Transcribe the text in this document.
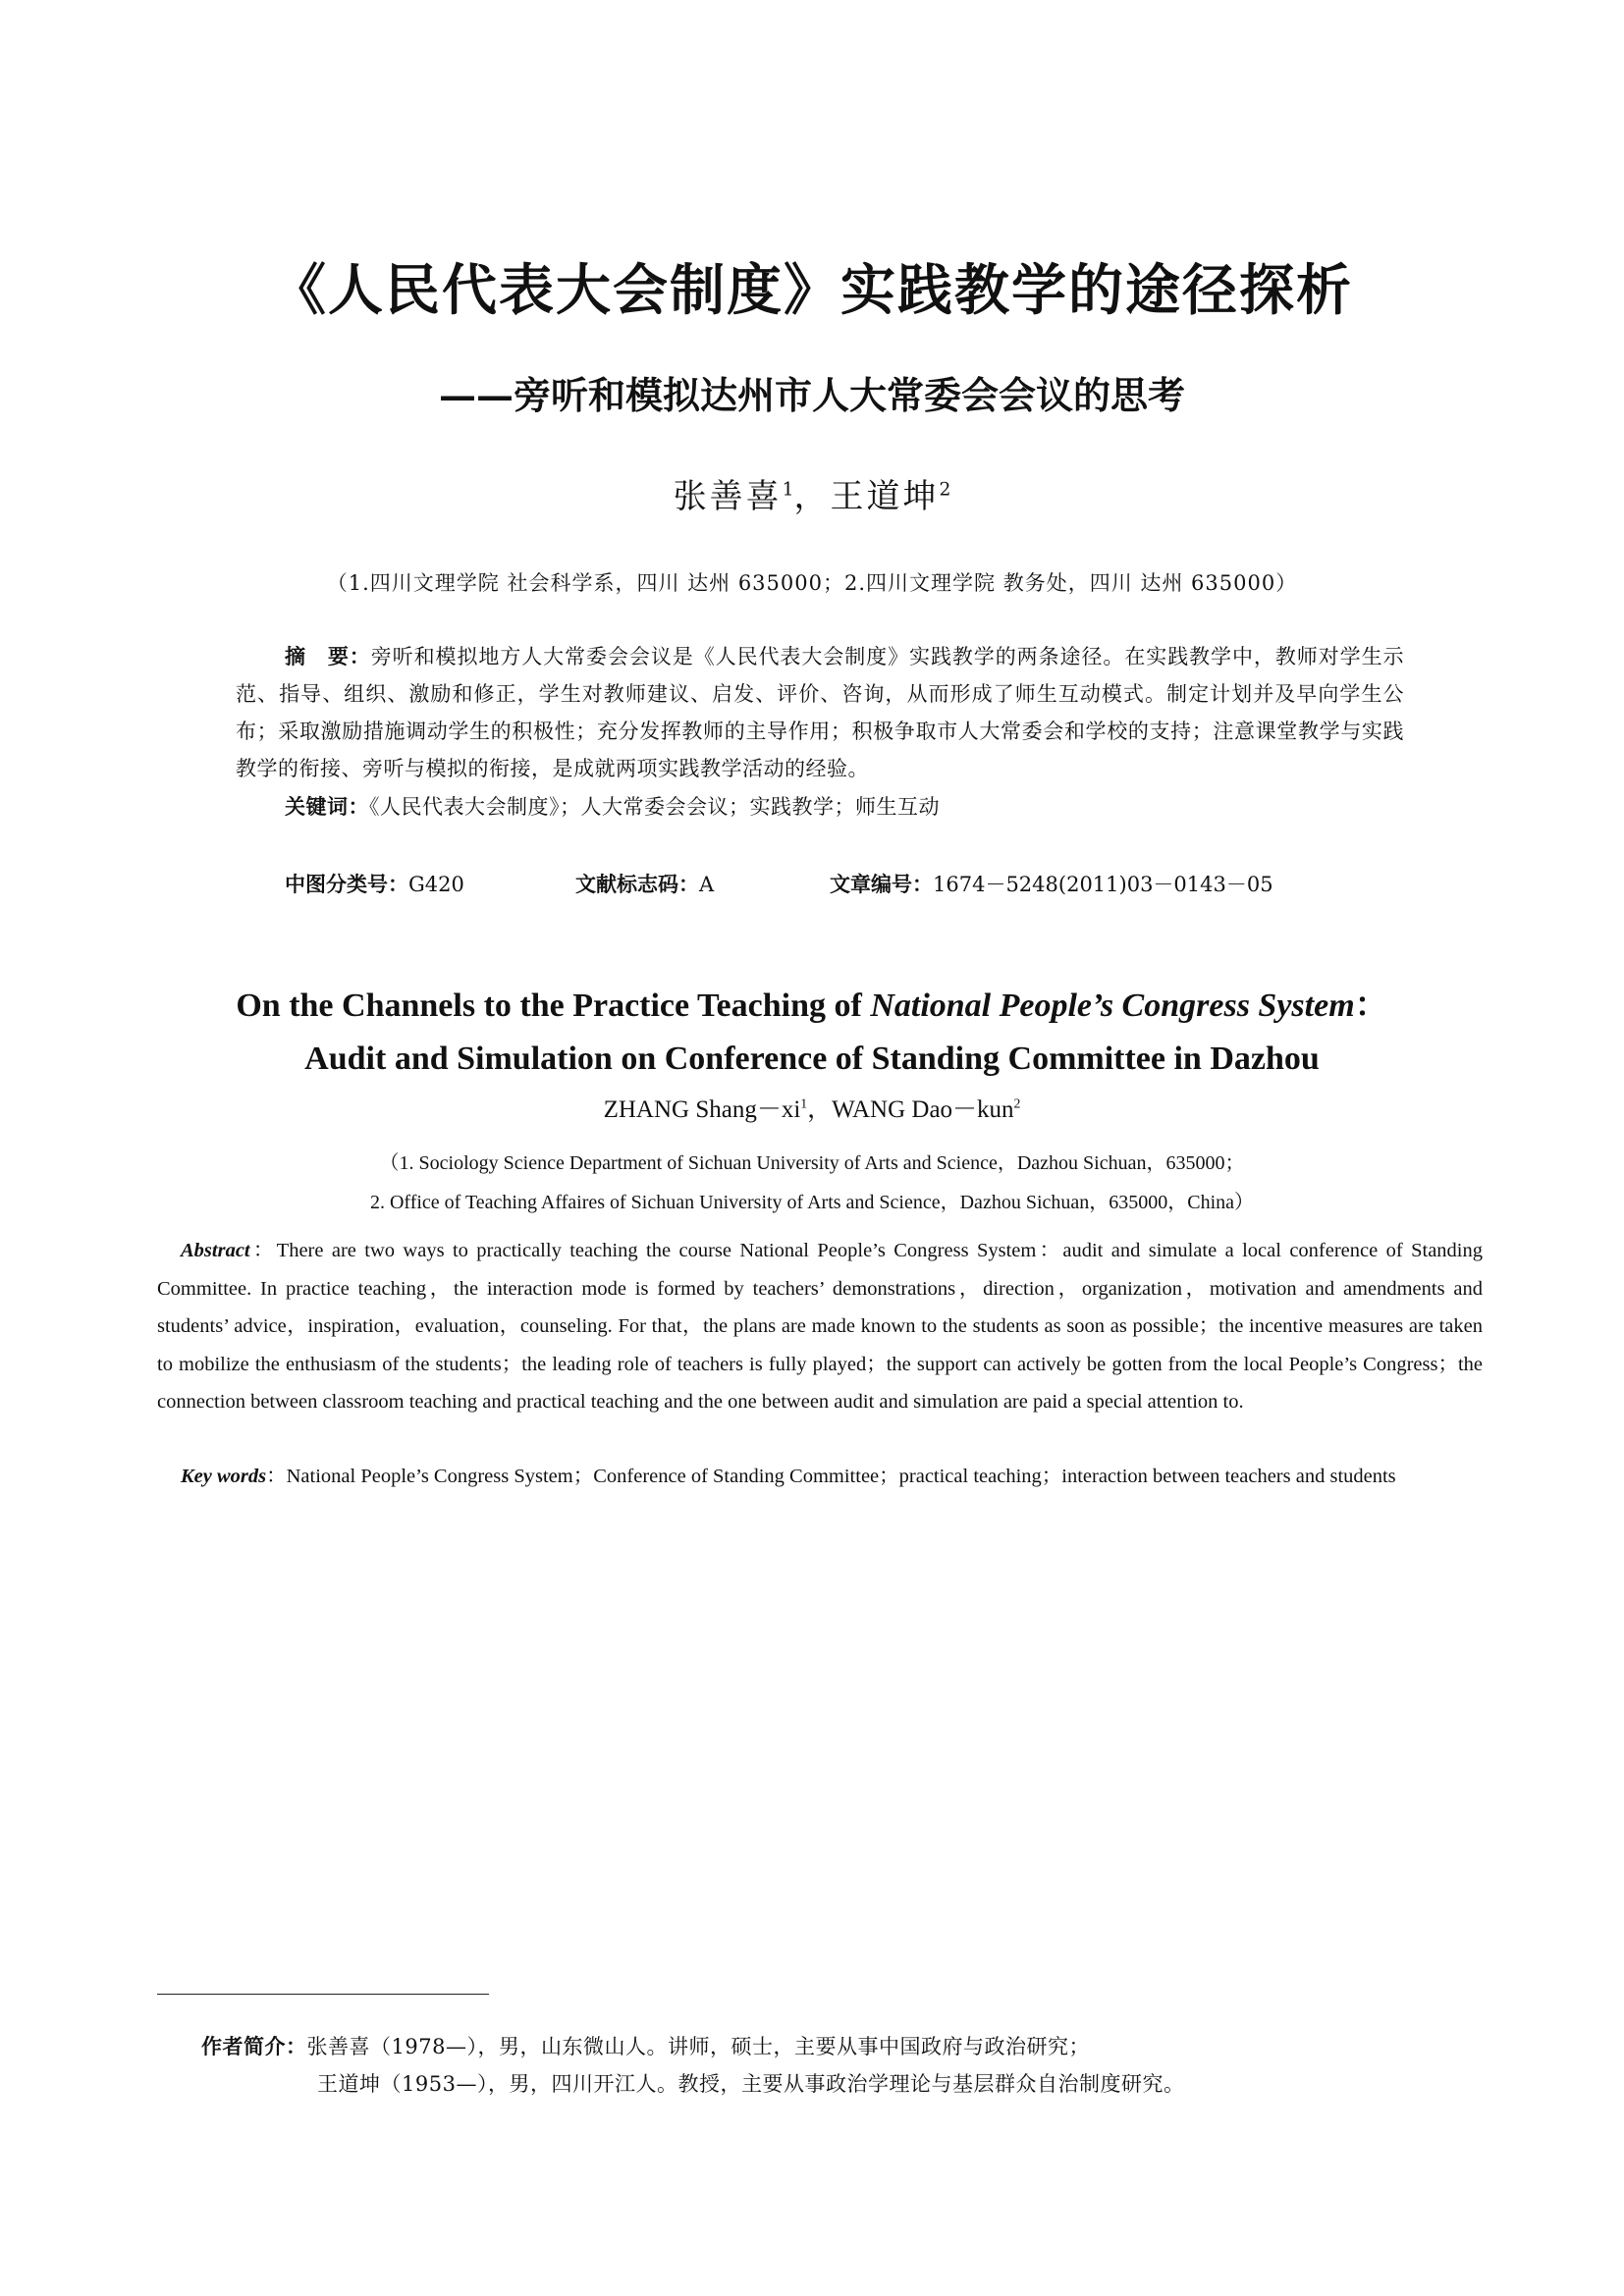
《人民代表大会制度》实践教学的途径探析
——旁听和模拟达州市人大常委会会议的思考
张善喜$^1$，王道坤$^2$
（1.四川文理学院 社会科学系，四川 达州 635000；2.四川文理学院 教务处，四川 达州 635000）
摘　要：旁听和模拟地方人大常委会会议是《人民代表大会制度》实践教学的两条途径。在实践教学中，教师对学生示范、指导、组织、激励和修正，学生对教师建议、启发、评价、咨询，从而形成了师生互动模式。制定计划并及早向学生公布；采取激励措施调动学生的积极性；充分发挥教师的主导作用；积极争取市人大常委会和学校的支持；注意课堂教学与实践教学的衔接、旁听与模拟的衔接，是成就两项实践教学活动的经验。
关键词：《人民代表大会制度》；人大常委会会议；实践教学；师生互动
中图分类号：G420	文献标志码：A	文章编号：1674－5248(2011)03－0143－05
On the Channels to the Practice Teaching of National People’s Congress System：
Audit and Simulation on Conference of Standing Committee in Dazhou
ZHANG $Shang-xi^1$，WANG Dao－kun$^2$
（1. Sociology Science Department of Sichuan University of Arts and Science，Dazhou Sichuan，635000；
2. Office of Teaching Affaires of Sichuan University of Arts and Science，Dazhou Sichuan，635000，China）
Abstract：There are two ways to practically teaching the course National People’s Congress System：audit and simulate a local conference of Standing Committee. In practice teaching，the interaction mode is formed by teachers’ demonstrations，direction，organization，motivation and amendments and students’ advice，inspiration，evaluation，counseling. For that，the plans are made known to the students as soon as possible；the incentive measures are taken to mobilize the enthusiasm of the students；the leading role of teachers is fully played；the support can actively be gotten from the local People’s Congress；the connection between classroom teaching and practical teaching and the one between audit and simulation are paid a special attention to.
Key words：National People’s Congress System；Conference of Standing Committee；practical teaching；interaction between teachers and students
作者简介：张善喜（1978—），男，山东微山人。讲师，硕士，主要从事中国政府与政治研究；
王道坤（1953—），男，四川开江人。教授，主要从事政治学理论与基层群众自治制度研究。
